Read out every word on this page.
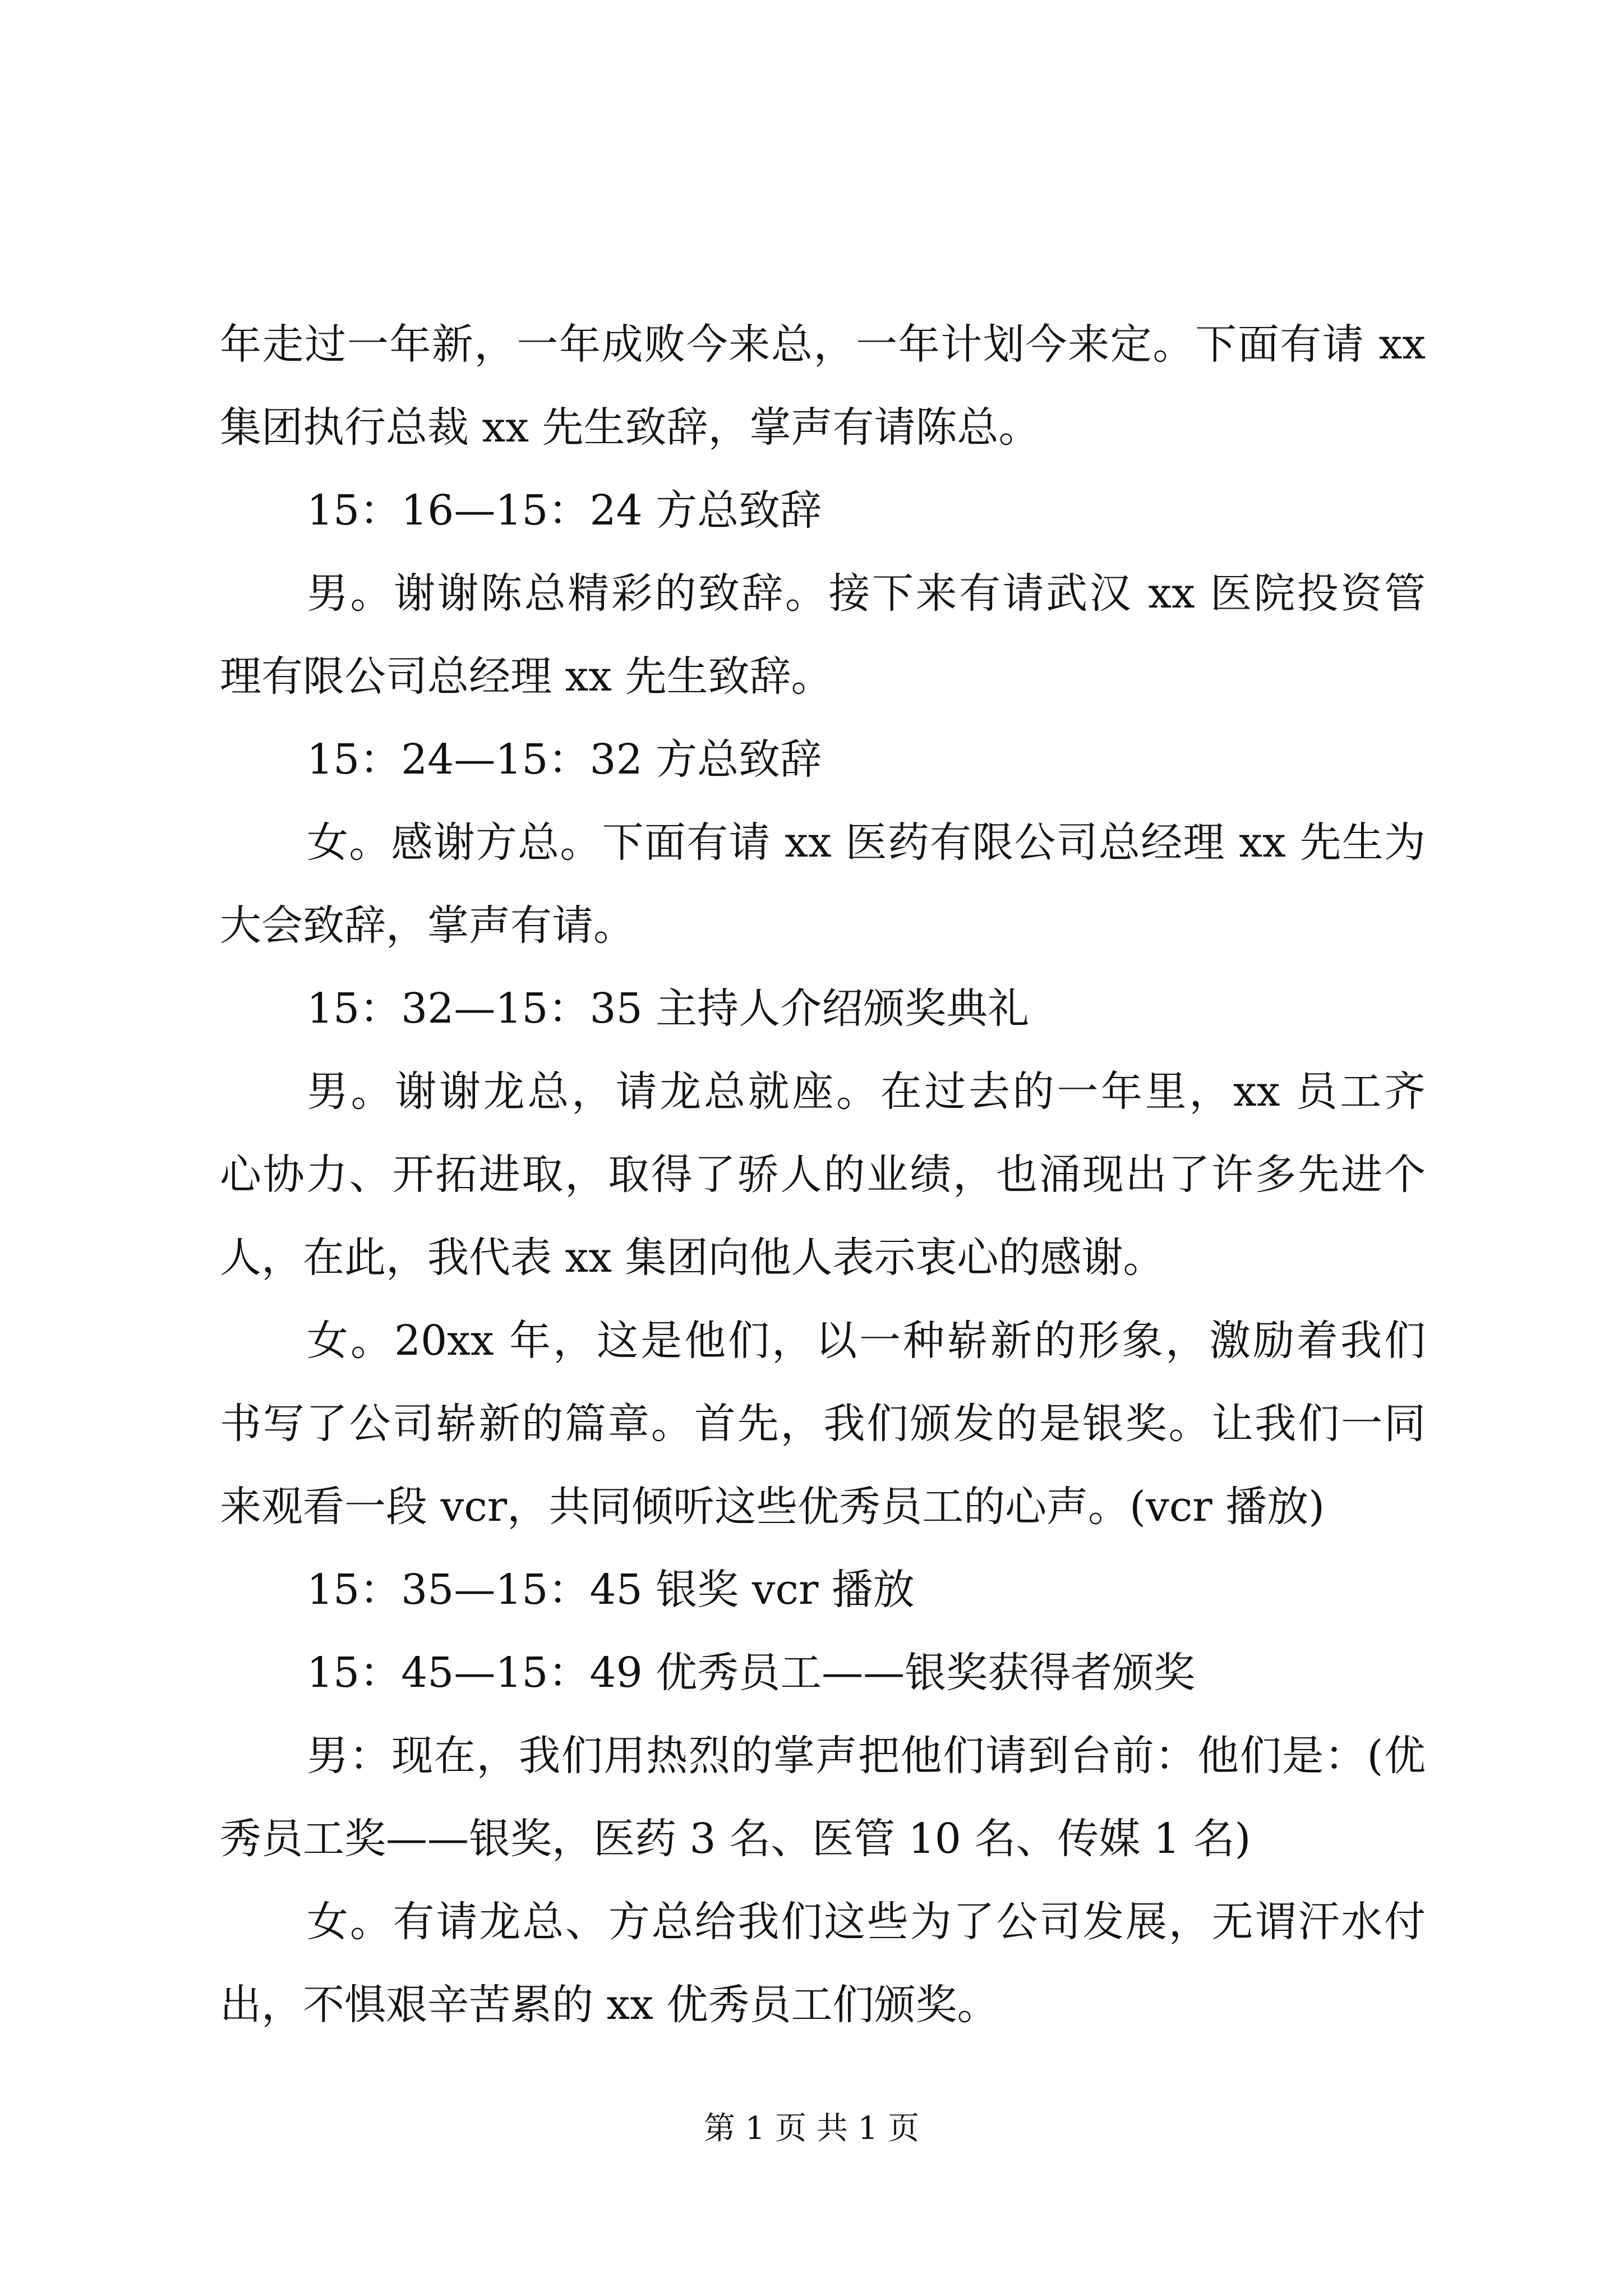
年走过一年新，一年成败今来总，一年计划今来定。下面有请 xx
集团执行总裁 xx 先生致辞，掌声有请陈总。
15：16—15：24 方总致辞
男。谢谢陈总精彩的致辞。接下来有请武汉 xx 医院投资管
理有限公司总经理 xx 先生致辞。
15：24—15：32 方总致辞
女。感谢方总。下面有请 xx 医药有限公司总经理 xx 先生为
大会致辞，掌声有请。
15：32—15：35 主持人介绍颁奖典礼
男。谢谢龙总，请龙总就座。在过去的一年里，xx 员工齐
心协力、开拓进取，取得了骄人的业绩，也涌现出了许多先进个
人，在此，我代表 xx 集团向他人表示衷心的感谢。
女。20xx 年，这是他们，以一种崭新的形象，激励着我们
书写了公司崭新的篇章。首先，我们颁发的是银奖。让我们一同
来观看一段 vcr，共同倾听这些优秀员工的心声。(vcr 播放)
15：35—15：45 银奖 vcr 播放
15：45—15：49 优秀员工——银奖获得者颁奖
男：现在，我们用热烈的掌声把他们请到台前：他们是：(优
秀员工奖——银奖，医药 3 名、医管 10 名、传媒 1 名)
女。有请龙总、方总给我们这些为了公司发展，无谓汗水付
出，不惧艰辛苦累的 xx 优秀员工们颁奖。
第 1 页 共 1 页
